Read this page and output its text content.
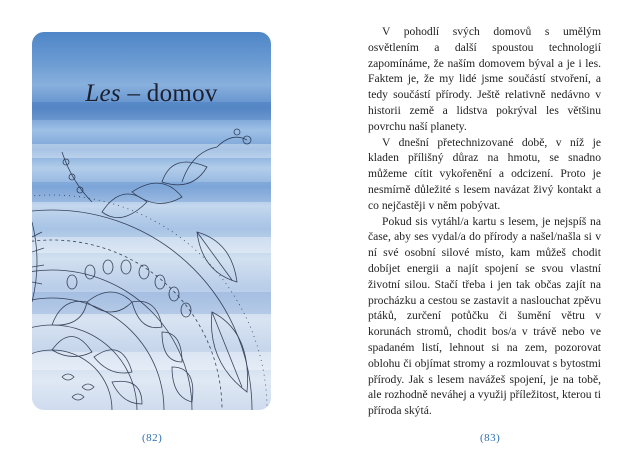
Les – domov
(82)

V pohodlí svých domovů s umělým osvětlením a další spoustou technologií zapomínáme, že naším domovem býval a je i les. Faktem je, že my lidé jsme součástí stvoření, a tedy součástí přírody. Ještě relativně nedávno v historii země a lidstva pokrýval les většinu povrchu naší planety.

V dnešní přetechnizované době, v níž je kladen přílišný důraz na hmotu, se snadno můžeme cítit vykořenění a odcizení. Proto je nesmírně důležité s lesem navázat živý kontakt a co nejčastěji v něm pobývat.

Pokud sis vytáhl/a kartu s lesem, je nejspíš na čase, aby ses vydal/a do přírody a našel/našla si v ní své osobní silové místo, kam můžeš chodit dobíjet energii a najít spojení se svou vlastní životní silou. Stačí třeba i jen tak občas zajít na procházku a cestou se zastavit a naslouchat zpěvu ptáků, zurčení potůčku či šumění větru v korunách stromů, chodit bos/a v trávě nebo ve spadaném listí, lehnout si na zem, pozorovat oblohu či objímat stromy a rozmlouvat s bytostmi přírody. Jak s lesem navážeš spojení, je na tobě, ale rozhodně neváhej a využij příležitost, kterou ti příroda skýtá.

(83)
